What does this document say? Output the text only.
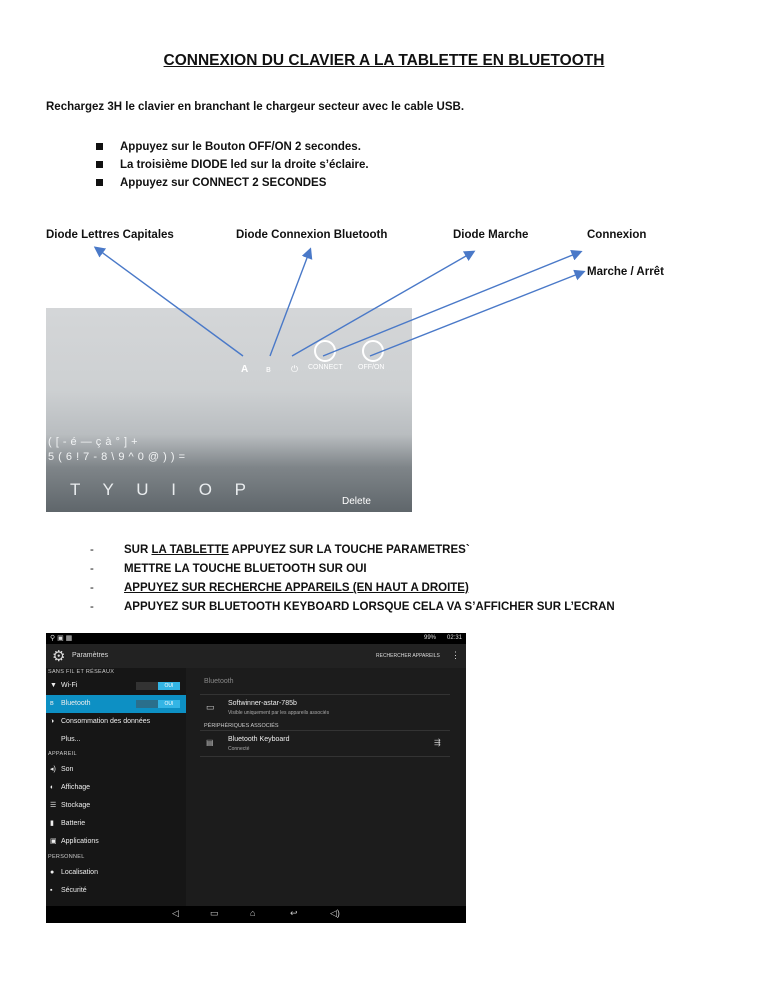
CONNEXION DU CLAVIER A LA TABLETTE EN BLUETOOTH
Rechargez 3H le clavier en branchant le chargeur secteur avec le cable USB.
Appuyez sur le Bouton OFF/ON 2 secondes.
La troisième DIODE led sur la droite s’éclaire.
Appuyez sur CONNECT 2 SECONDES
Diode Lettres Capitales	Diode Connexion Bluetooth	Diode Marche	Connexion
Marche / Arrêt
A ʙ ⏻ CONNECT OFF/ON
( [ - é — ç à ° ] +
5 ( 6 ! 7 - 8 \ 9 ^ 0 @ ) ) =
T Y U I O P
Delete
- SUR LA TABLETTE APPUYEZ SUR LA TOUCHE PARAMETRES`
- METTRE LA TOUCHE BLUETOOTH SUR OUI
- APPUYEZ SUR RECHERCHE APPAREILS (EN HAUT A DROITE)
- APPUYEZ SUR BLUETOOTH KEYBOARD LORSQUE CELA VA S’AFFICHER SUR L’ECRAN
⚲ ▣ ▦	99% 02:31
⚙ Paramètres	RECHERCHER APPAREILS ⋮
SANS FIL ET RÉSEAUX
▼ Wi-Fi	OUI
ʙ Bluetooth	OUI
◑ Consommation des données
Plus...
APPAREIL
◂) Son
◐ Affichage
☰ Stockage
▮ Batterie
▣ Applications
PERSONNEL
● Localisation
▪ Sécurité
Bluetooth
▭ Softwinner-astar-785b
Visible uniquement par les appareils associés
PÉRIPHÉRIQUES ASSOCIÉS
▤ Bluetooth Keyboard
Connecté
⇶
◁	▭	⌂	↩	◁)
